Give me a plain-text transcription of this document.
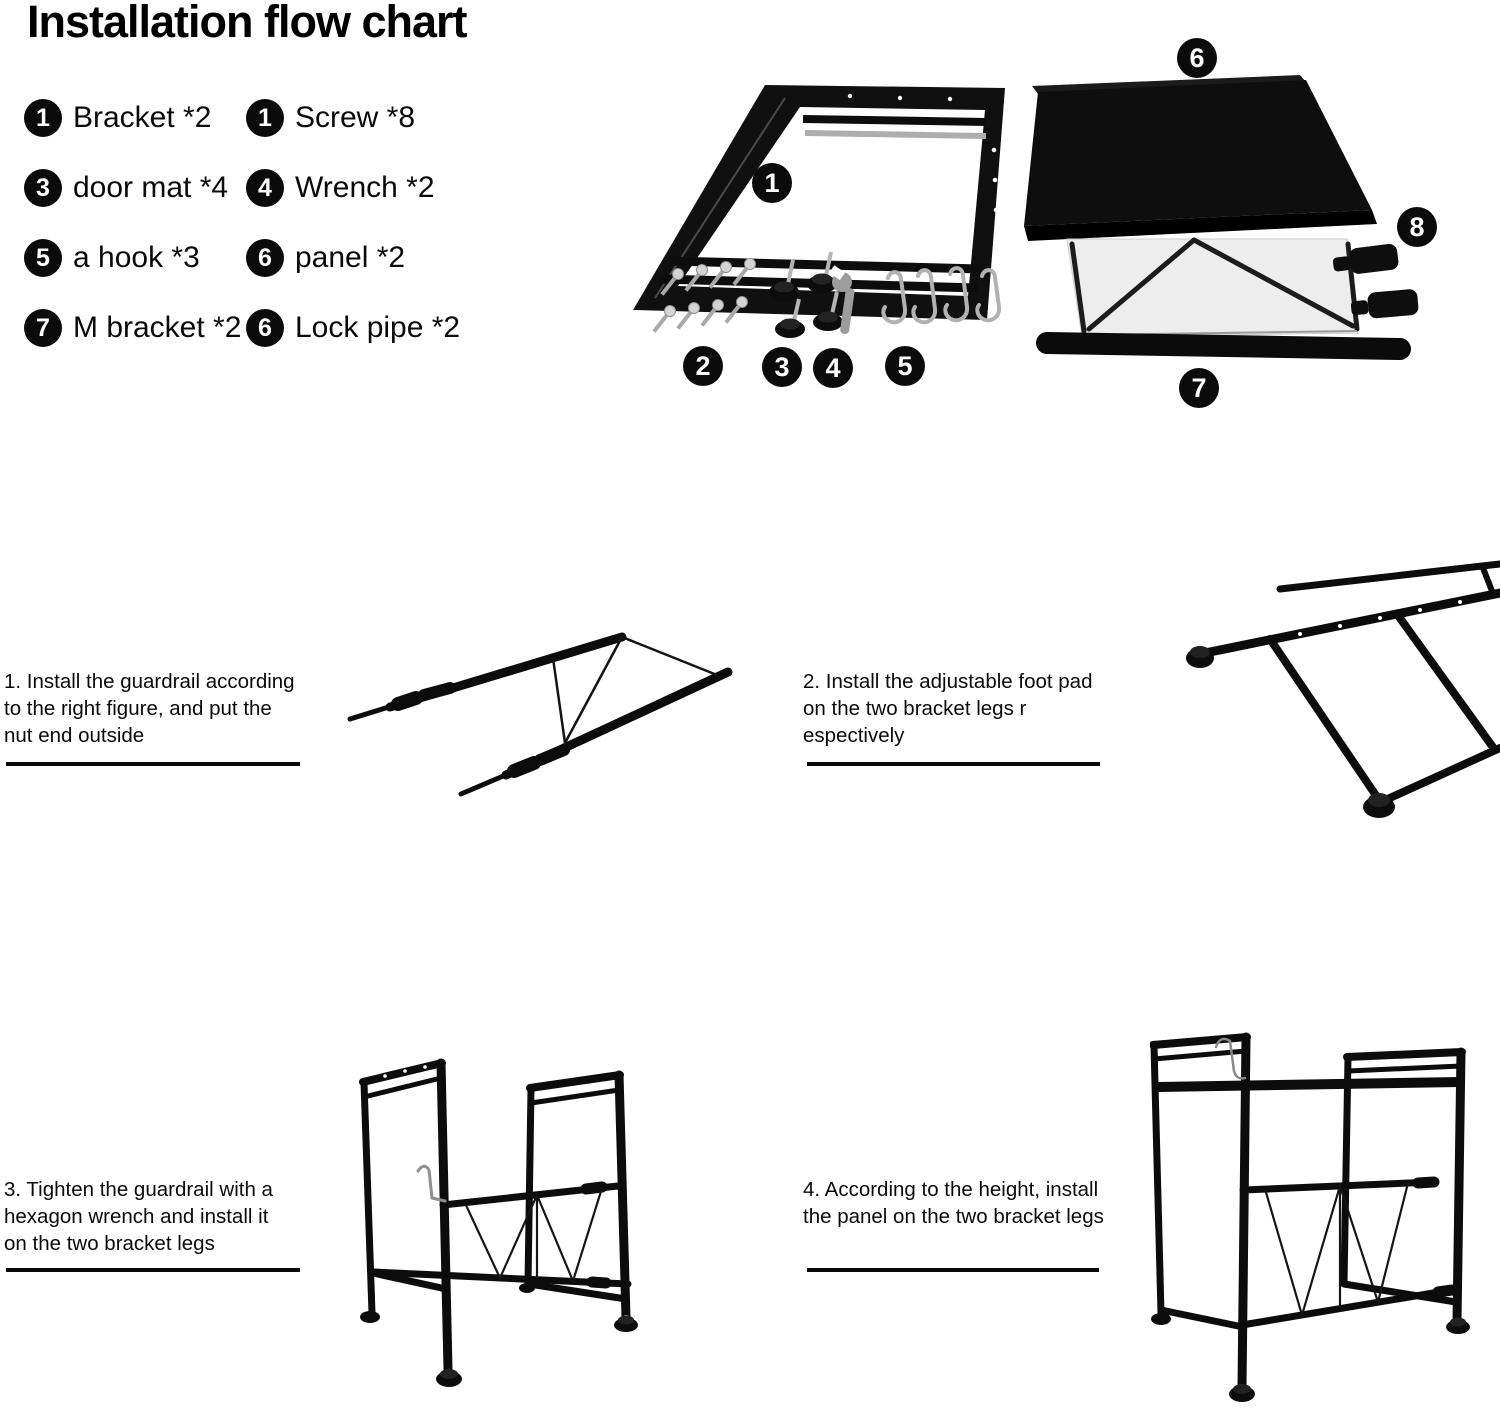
Installation flow chart
1 Bracket *2
3 door mat *4
5 a hook *3
7 M bracket *2
1 Screw *8
4 Wrench *2
6 panel *2
6 Lock pipe *2
1
2 3 4 5
6
7
8
1. Install the guardrail according
to the right figure, and put the
nut end outside
2. Install the adjustable foot pad
on the two bracket legs r
espectively
3. Tighten the guardrail with a
hexagon wrench and install it
on the two bracket legs
4. According to the height, install
the panel on the two bracket legs
